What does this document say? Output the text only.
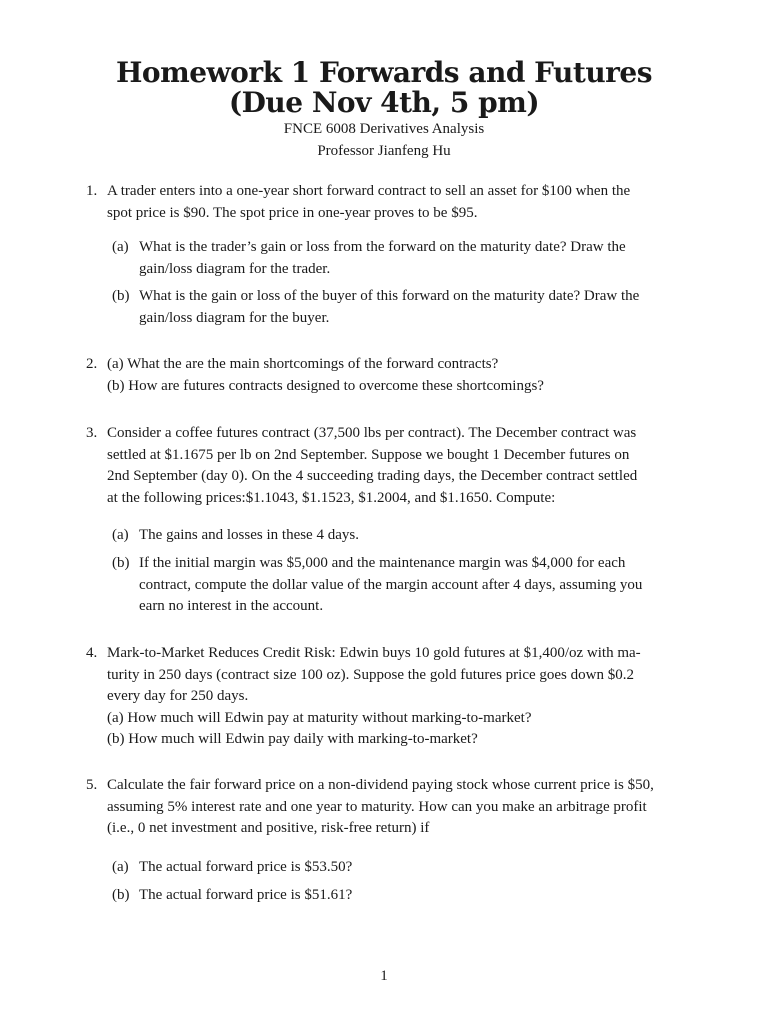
Homework 1 Forwards and Futures
(Due Nov 4th, 5 pm)
FNCE 6008 Derivatives Analysis
Professor Jianfeng Hu
1. A trader enters into a one-year short forward contract to sell an asset for $100 when the
spot price is $90. The spot price in one-year proves to be $95.
(a) What is the trader’s gain or loss from the forward on the maturity date? Draw the
gain/loss diagram for the trader.
(b) What is the gain or loss of the buyer of this forward on the maturity date? Draw the
gain/loss diagram for the buyer.
2. (a) What the are the main shortcomings of the forward contracts?
(b) How are futures contracts designed to overcome these shortcomings?
3. Consider a coffee futures contract (37,500 lbs per contract). The December contract was
settled at $1.1675 per lb on 2nd September. Suppose we bought 1 December futures on
2nd September (day 0). On the 4 succeeding trading days, the December contract settled
at the following prices:$1.1043, $1.1523, $1.2004, and $1.1650. Compute:
(a) The gains and losses in these 4 days.
(b) If the initial margin was $5,000 and the maintenance margin was $4,000 for each
contract, compute the dollar value of the margin account after 4 days, assuming you
earn no interest in the account.
4. Mark-to-Market Reduces Credit Risk: Edwin buys 10 gold futures at $1,400/oz with ma-
turity in 250 days (contract size 100 oz). Suppose the gold futures price goes down $0.2
every day for 250 days.
(a) How much will Edwin pay at maturity without marking-to-market?
(b) How much will Edwin pay daily with marking-to-market?
5. Calculate the fair forward price on a non-dividend paying stock whose current price is $50,
assuming 5% interest rate and one year to maturity. How can you make an arbitrage profit
(i.e., 0 net investment and positive, risk-free return) if
(a) The actual forward price is $53.50?
(b) The actual forward price is $51.61?
1
